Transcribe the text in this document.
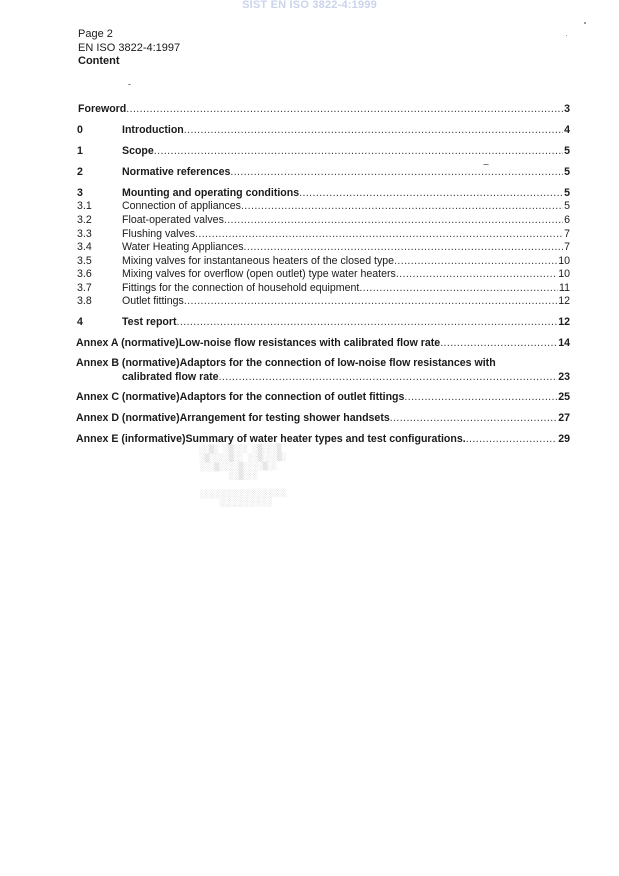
SIST EN ISO 3822-4:1999
Page 2
EN ISO 3822-4:1997
Content
Foreword .....	3
0	Introduction .....	4
1	Scope .....	5
2	Normative references .....	5
3	Mounting and operating conditions .....	5
3.1	Connection of appliances .....	5
3.2	Float-operated valves .....	6
3.3	Flushing valves .....	7
3.4	Water Heating Appliances .....	7
3.5	Mixing valves for instantaneous heaters of the closed type .....	10
3.6	Mixing valves for overflow (open outlet) type water heaters .....	10
3.7	Fittings for the connection of household equipment .....	11
3.8	Outlet fittings .....	12
4	Test report .....	12
Annex A (normative)Low-noise flow resistances with calibrated flow rate .....	14
Annex B (normative)Adaptors for the connection of low-noise flow resistances with
calibrated flow rate .....	23
Annex C (normative)Adaptors for the connection of outlet fittings .....	25
Annex D (normative)Arrangement for testing shower handsets .....	27
Annex E (informative)Summary of water heater types and test configurations. .....	29
░░▒░ ░▒░░░ ░▒░░░▒
░▒░░░░▒░░ ░░▒░░░▒░
░░░▒░░░░▒░░░░▒░░
░░▒░░░

░░░░░░░░░░░░░░░░░░
░░░░░░░░░░░
